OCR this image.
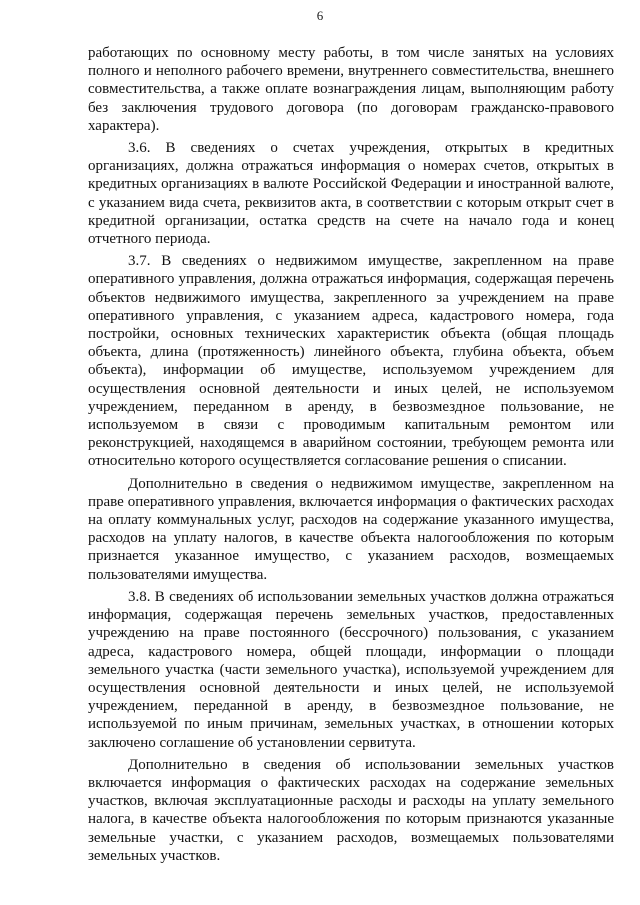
6

работающих по основному месту работы, в том числе занятых на условиях полного и неполного рабочего времени, внутреннего совместительства, внешнего совместительства, а также оплате вознаграждения лицам, выполняющим работу без заключения трудового договора (по договорам гражданско-правового характера).

3.6. В сведениях о счетах учреждения, открытых в кредитных организациях, должна отражаться информация о номерах счетов, открытых в кредитных организациях в валюте Российской Федерации и иностранной валюте, с указанием вида счета, реквизитов акта, в соответствии с которым открыт счет в кредитной организации, остатка средств на счете на начало года и конец отчетного периода.

3.7. В сведениях о недвижимом имуществе, закрепленном на праве оперативного управления, должна отражаться информация, содержащая перечень объектов недвижимого имущества, закрепленного за учреждением на праве оперативного управления, с указанием адреса, кадастрового номера, года постройки, основных технических характеристик объекта (общая площадь объекта, длина (протяженность) линейного объекта, глубина объекта, объем объекта), информации об имуществе, используемом учреждением для осуществления основной деятельности и иных целей, не используемом учреждением, переданном в аренду, в безвозмездное пользование, не используемом в связи с проводимым капитальным ремонтом или реконструкцией, находящемся в аварийном состоянии, требующем ремонта или относительно которого осуществляется согласование решения о списании.

Дополнительно в сведения о недвижимом имуществе, закрепленном на праве оперативного управления, включается информация о фактических расходах на оплату коммунальных услуг, расходов на содержание указанного имущества, расходов на уплату налогов, в качестве объекта налогообложения по которым признается указанное имущество, с указанием расходов, возмещаемых пользователями имущества.

3.8. В сведениях об использовании земельных участков должна отражаться информация, содержащая перечень земельных участков, предоставленных учреждению на праве постоянного (бессрочного) пользования, с указанием адреса, кадастрового номера, общей площади, информации о площади земельного участка (части земельного участка), используемой учреждением для осуществления основной деятельности и иных целей, не используемой учреждением, переданной в аренду, в безвозмездное пользование, не используемой по иным причинам, земельных участках, в отношении которых заключено соглашение об установлении сервитута.

Дополнительно в сведения об использовании земельных участков включается информация о фактических расходах на содержание земельных участков, включая эксплуатационные расходы и расходы на уплату земельного налога, в качестве объекта налогообложения по которым признаются указанные земельные участки, с указанием расходов, возмещаемых пользователями земельных участков.
